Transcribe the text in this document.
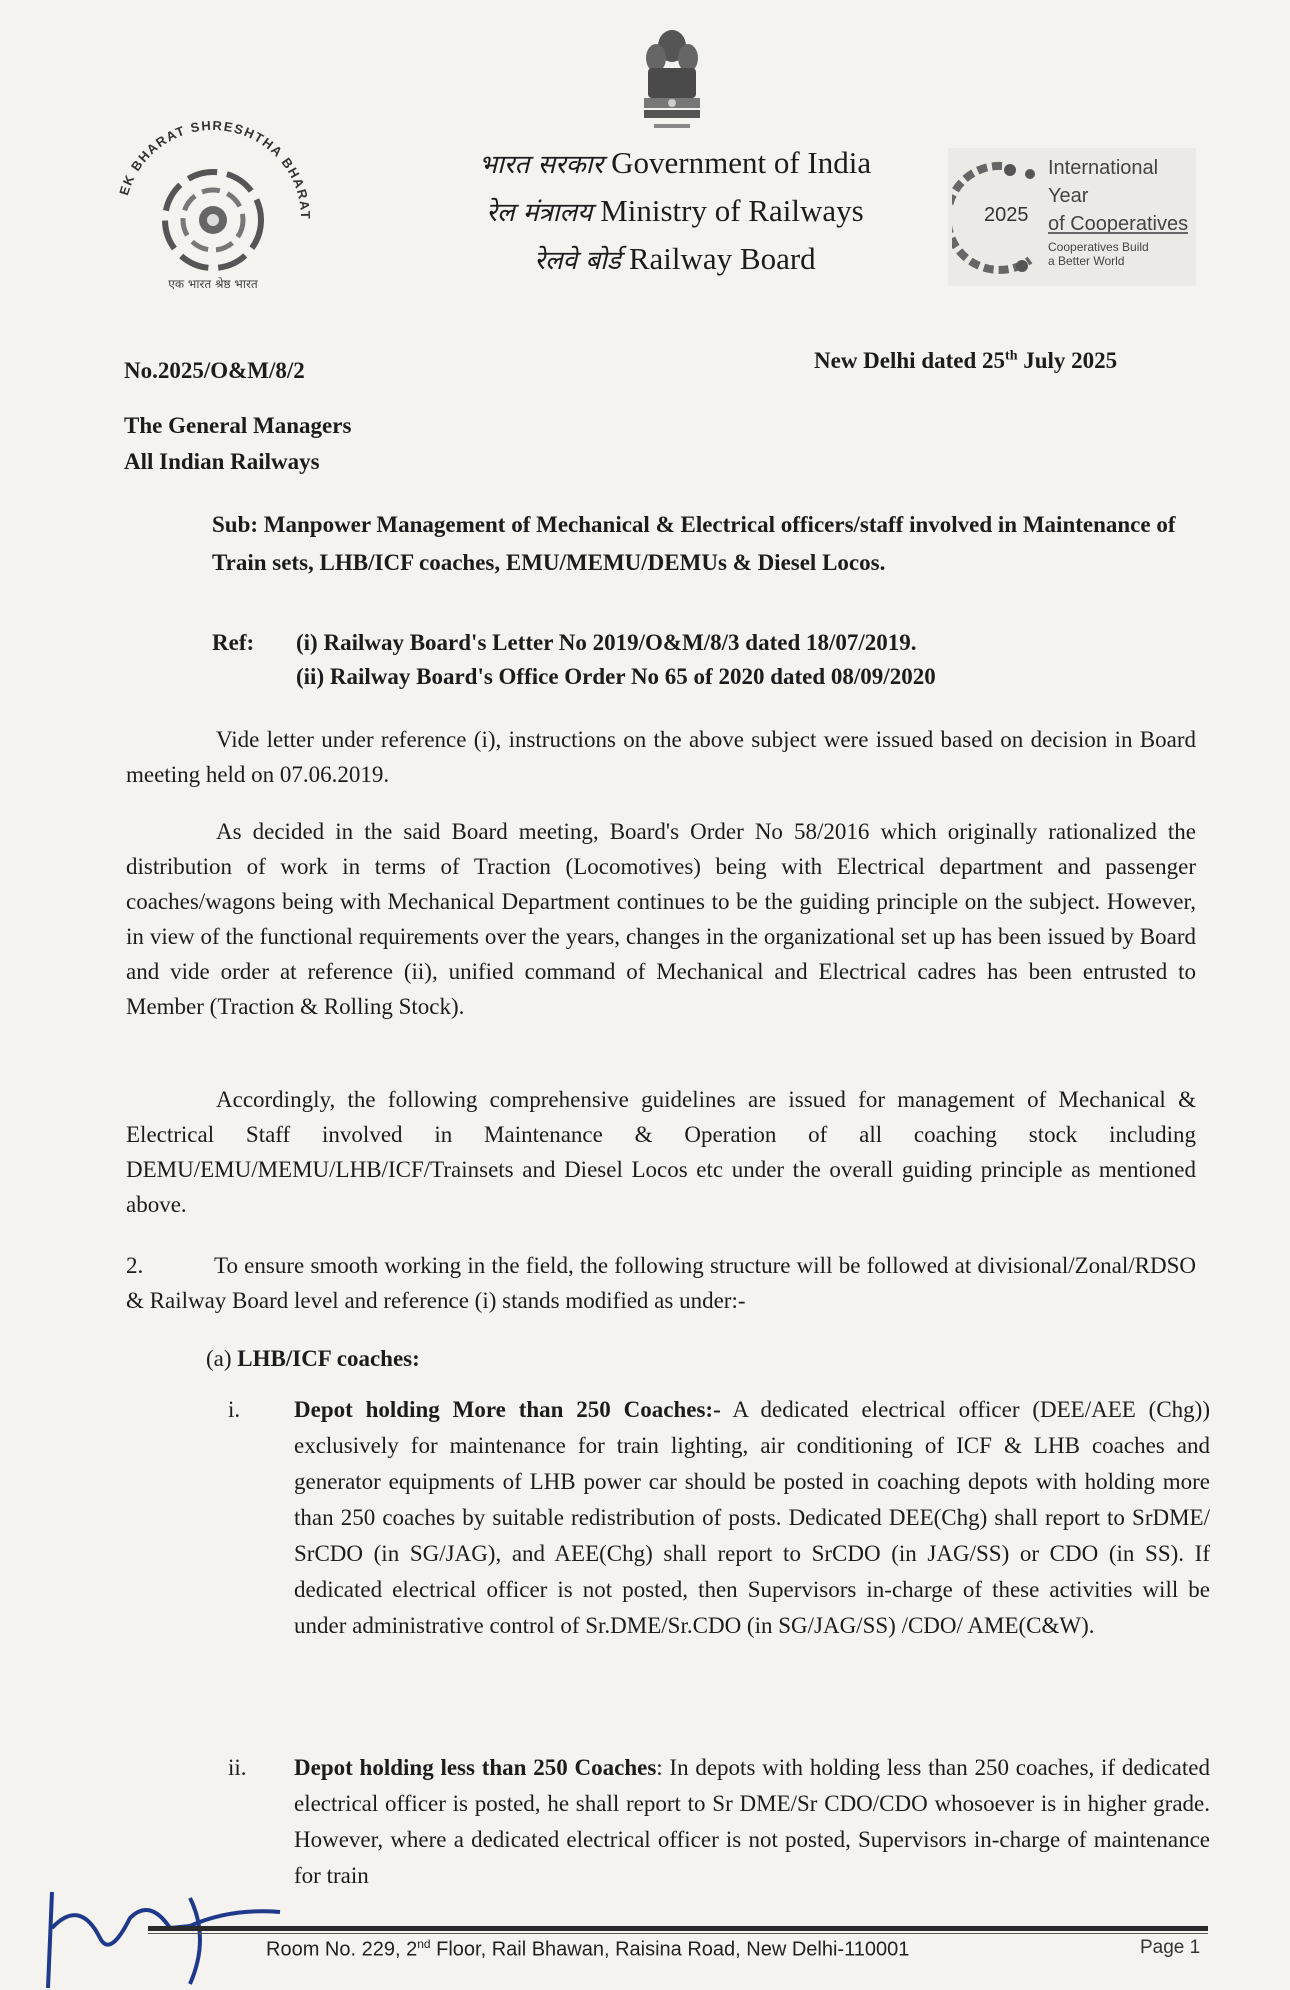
EK BHARAT SHRESHTHA BHARAT
एक भारत श्रेष्ठ भारत
भारत सरकार Government of India
रेल मंत्रालय Ministry of Railways
रेलवे बोर्ड Railway Board
2025
International Year
of Cooperatives
Cooperatives Build
a Better World
No.2025/O&M/8/2	New Delhi dated 25th July 2025
The General Managers
All Indian Railways
Sub: Manpower Management of Mechanical & Electrical officers/staff involved in Maintenance of Train sets, LHB/ICF coaches, EMU/MEMU/DEMUs & Diesel Locos.
Ref: (i) Railway Board's Letter No 2019/O&M/8/3 dated 18/07/2019.
(ii) Railway Board's Office Order No 65 of 2020 dated 08/09/2020
Vide letter under reference (i), instructions on the above subject were issued based on decision in Board meeting held on 07.06.2019.
As decided in the said Board meeting, Board's Order No 58/2016 which originally rationalized the distribution of work in terms of Traction (Locomotives) being with Electrical department and passenger coaches/wagons being with Mechanical Department continues to be the guiding principle on the subject. However, in view of the functional requirements over the years, changes in the organizational set up has been issued by Board and vide order at reference (ii), unified command of Mechanical and Electrical cadres has been entrusted to Member (Traction & Rolling Stock).
Accordingly, the following comprehensive guidelines are issued for management of Mechanical & Electrical Staff involved in Maintenance & Operation of all coaching stock including DEMU/EMU/MEMU/LHB/ICF/Trainsets and Diesel Locos etc under the overall guiding principle as mentioned above.
2.	To ensure smooth working in the field, the following structure will be followed at divisional/Zonal/RDSO & Railway Board level and reference (i) stands modified as under:-
(a) LHB/ICF coaches:
i. Depot holding More than 250 Coaches:- A dedicated electrical officer (DEE/AEE (Chg)) exclusively for maintenance for train lighting, air conditioning of ICF & LHB coaches and generator equipments of LHB power car should be posted in coaching depots with holding more than 250 coaches by suitable redistribution of posts. Dedicated DEE(Chg) shall report to SrDME/ SrCDO (in SG/JAG), and AEE(Chg) shall report to SrCDO (in JAG/SS) or CDO (in SS). If dedicated electrical officer is not posted, then Supervisors in-charge of these activities will be under administrative control of Sr.DME/Sr.CDO (in SG/JAG/SS) /CDO/ AME(C&W).
ii. Depot holding less than 250 Coaches: In depots with holding less than 250 coaches, if dedicated electrical officer is posted, he shall report to Sr DME/Sr CDO/CDO whosoever is in higher grade. However, where a dedicated electrical officer is not posted, Supervisors in-charge of maintenance for train
Room No. 229, 2nd Floor, Rail Bhawan, Raisina Road, New Delhi-110001	Page 1
